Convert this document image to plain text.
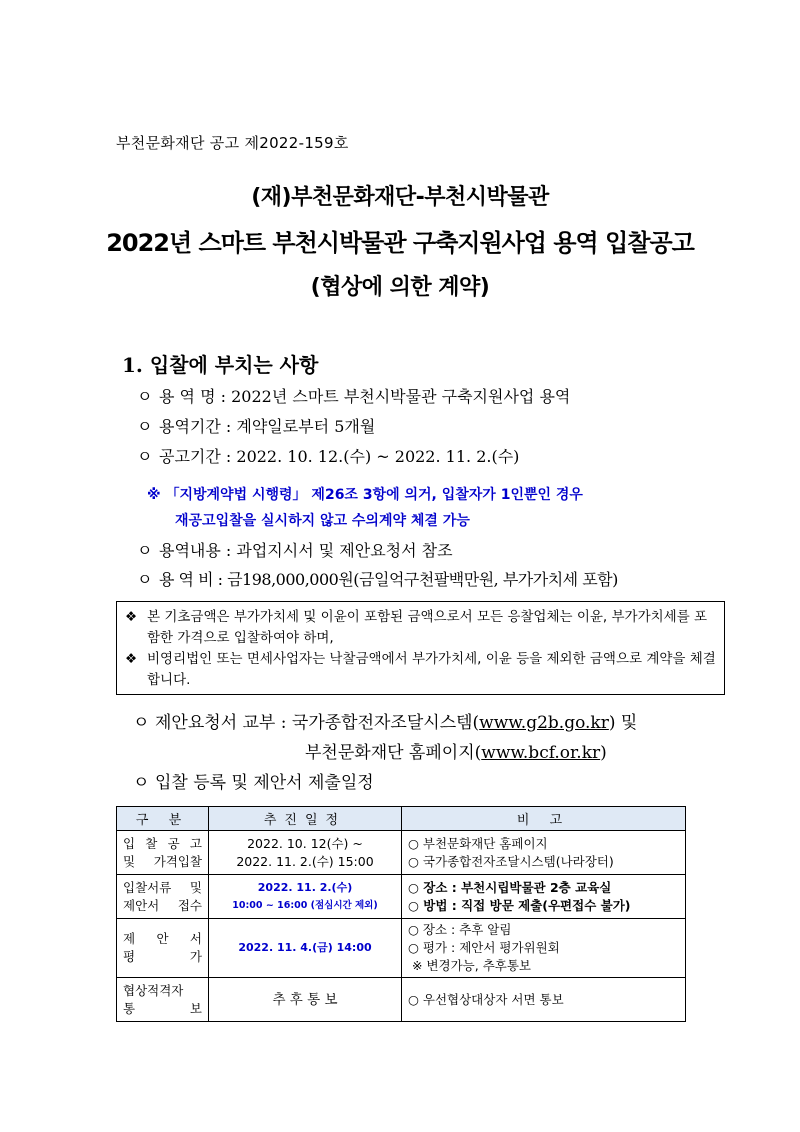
부천문화재단 공고 제2022-159호
(재)부천문화재단-부천시박물관
2022년 스마트 부천시박물관 구축지원사업 용역 입찰공고
(협상에 의한 계약)
1. 입찰에 부치는 사항
ㅇ 용 역 명 : 2022년 스마트 부천시박물관 구축지원사업 용역
ㅇ 용역기간 : 계약일로부터 5개월
ㅇ 공고기간 : 2022. 10. 12.(수) ~ 2022. 11. 2.(수)
※ 「지방계약법 시행령」 제26조 3항에 의거, 입찰자가 1인뿐인 경우
재공고입찰을 실시하지 않고 수의계약 체결 가능
ㅇ 용역내용 : 과업지시서 및 제안요청서 참조
ㅇ 용 역 비 : 금198,000,000원(금일억구천팔백만원, 부가가치세 포함)
❖ 본 기초금액은 부가가치세 및 이윤이 포함된 금액으로서 모든 응찰업체는 이윤, 부가가치세를 포함한 가격으로 입찰하여야 하며,
❖ 비영리법인 또는 면세사업자는 낙찰금액에서 부가가치세, 이윤 등을 제외한 금액으로 계약을 체결합니다.
ㅇ 제안요청서 교부 : 국가종합전자조달시스템(www.g2b.go.kr) 및
부천문화재단 홈페이지(www.bcf.or.kr)
ㅇ 입찰 등록 및 제안서 제출일정
구 분	추진일정	비 고

입 찰 공 고
및 가격입찰	2022. 10. 12(수) ~
2022. 11. 2.(수) 15:00	○ 부천문화재단 홈페이지
○ 국가종합전자조달시스템(나라장터)

입찰서류 및
제안서 접수	2022. 11. 2.(수)
10:00 ~ 16:00 (점심시간 제외)	○ 장소 : 부천시립박물관 2층 교육실
○ 방법 : 직접 방문 제출(우편접수 불가)

제 안 서
평 가	2022. 11. 4.(금) 14:00	○ 장소 : 추후 알림
○ 평가 : 제안서 평가위원회
※ 변경가능, 추후통보

협상적격자
통 보	추 후 통 보	○ 우선협상대상자 서면 통보
